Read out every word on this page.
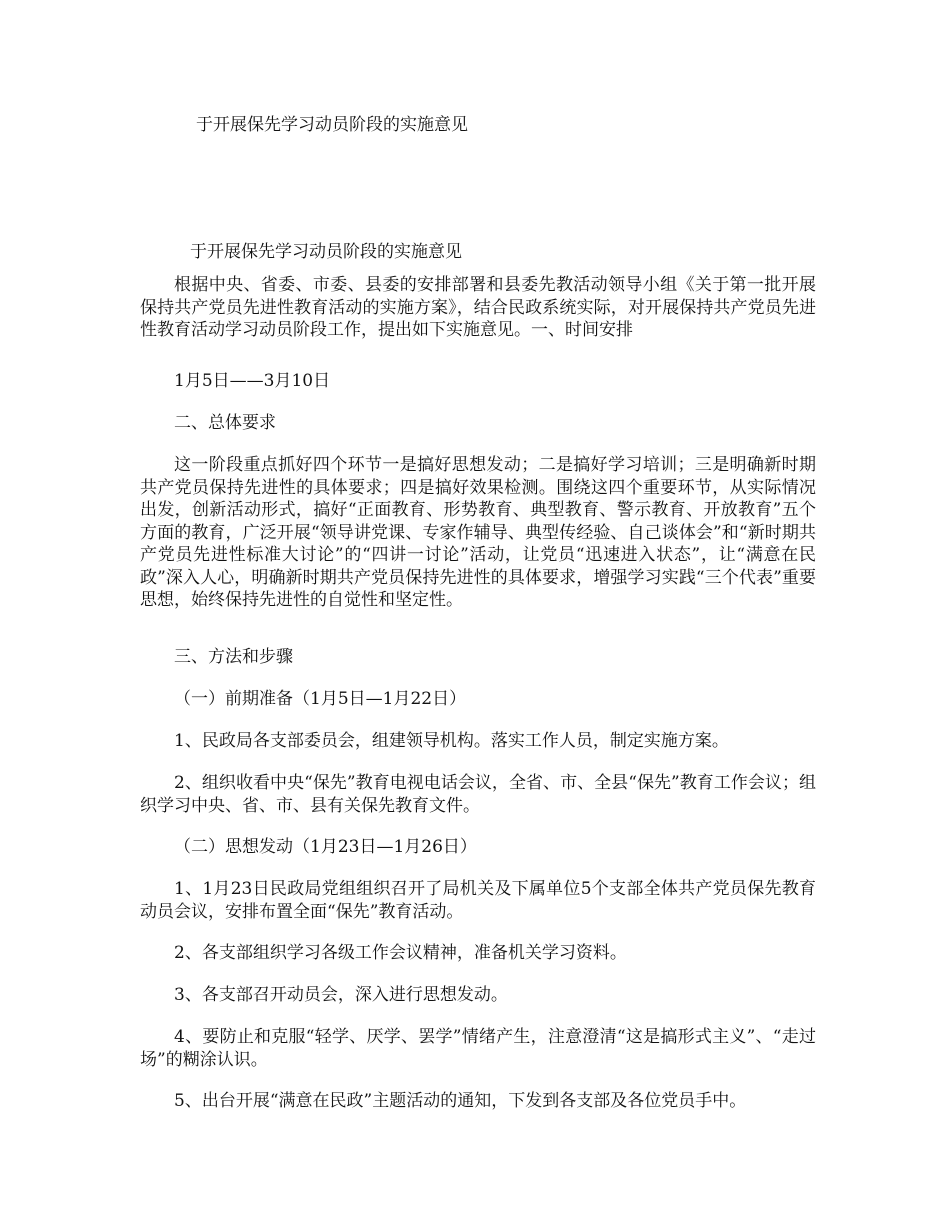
于开展保先学习动员阶段的实施意见

于开展保先学习动员阶段的实施意见

根据中央、省委、市委、县委的安排部署和县委先教活动领导小组《关于第一批开展保持共产党员先进性教育活动的实施方案》，结合民政系统实际，对开展保持共产党员先进性教育活动学习动员阶段工作，提出如下实施意见。一、时间安排

1月5日——3月10日

二、总体要求

这一阶段重点抓好四个环节一是搞好思想发动；二是搞好学习培训；三是明确新时期共产党员保持先进性的具体要求；四是搞好效果检测。围绕这四个重要环节，从实际情况出发，创新活动形式，搞好“正面教育、形势教育、典型教育、警示教育、开放教育”五个方面的教育，广泛开展“领导讲党课、专家作辅导、典型传经验、自己谈体会”和“新时期共产党员先进性标准大讨论”的“四讲一讨论”活动，让党员“迅速进入状态”，让“满意在民政”深入人心，明确新时期共产党员保持先进性的具体要求，增强学习实践“三个代表”重要思想，始终保持先进性的自觉性和坚定性。

三、方法和步骤

（一）前期准备（1月5日—1月22日）

1、民政局各支部委员会，组建领导机构。落实工作人员，制定实施方案。

2、组织收看中央“保先”教育电视电话会议，全省、市、全县“保先”教育工作会议；组织学习中央、省、市、县有关保先教育文件。

（二）思想发动（1月23日—1月26日）

1、1月23日民政局党组组织召开了局机关及下属单位5个支部全体共产党员保先教育动员会议，安排布置全面“保先”教育活动。

2、各支部组织学习各级工作会议精神，准备机关学习资料。

3、各支部召开动员会，深入进行思想发动。

4、要防止和克服“轻学、厌学、罢学”情绪产生，注意澄清“这是搞形式主义”、“走过场”的糊涂认识。

5、出台开展“满意在民政”主题活动的通知，下发到各支部及各位党员手中。
